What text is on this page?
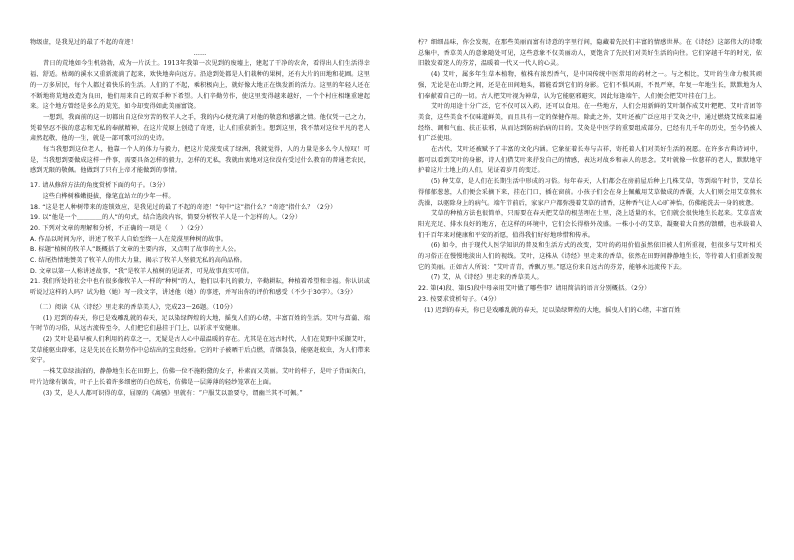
物级虚，是我见过的最了不起的奇迹！

……

昔日的荒地如今生机勃勃，成为一片沃土。1913年我第一次见到的废墟上，建起了干净的农舍，看得出人们生活得幸福、舒适。枯竭的溪水又重新流淌了起来，欢快地奔向远方。沿途到处都是人们栽种的果树，还有大片的田地和花圃。这里的一万多居民，每个人都过着快乐的生活。人们的了不起，乘积极向上，就好像大地正在焕发新的活力。这里的年轻人还在不断地将荒地改造为良田，他们用来自己的双手种下希望。人们辛勤劳作，使这里变得越来越好，一个个村庄相继重建起来。这个地方曾经是多么的荒芜，如今却变得如此美丽富饶。

一想到，我面前的这一切都出自这位穷苦的牧羊人之手，我的内心便充满了对他的敬意和感激之情。他仅凭一己之力，凭着坚忍不拔的意志和无私的奉献精神，在这片荒原上创造了奇迹，让人们重获新生。想到这里，我不禁对这位平凡的老人肃然起敬，他的一生，就是一部可歌可泣的史诗。

每当我想到这位老人，他靠一个人的体力与毅力，把这片荒漠变成了绿洲，我就觉得，人的力量是多么令人惊叹！可是，当我想到要做成这样一件事，需要具备怎样的毅力，怎样的无私，我就由衷地对这位没有受过什么教育的普通老农民，感到无限的敬佩。他做到了只有上帝才能做到的事情。

17. 请从修辞方法的角度赏析下面的句子。（3分）

　　这些白桦树稚嫩挺拔，像笔直站立的少年一样。

18. “这是老人种树带来的连锁效应，是我见过的最了不起的奇迹！”句中“这”指什么？“奇迹”指什么？（2分）

19. 以“他是一个＿＿＿＿的人”的句式，结合选段内容，简要分析牧羊人是一个怎样的人。（2分）

20. 下列对文章的理解和分析，不正确的一项是（　　）（2分）

A. 作品以时间为序，讲述了牧羊人自始至终一人在荒漠里种树的故事。

B. 标题“植树的牧羊人”既概括了文章的主要内容，又点明了故事的主人公。

C. 结尾热情地赞美了牧羊人的伟大力量，揭示了牧羊人坚毅无私的高尚品格。

D. 文章以第一人称讲述故事，“我”是牧羊人植树的见证者，可见故事真实可信。

21. 我们所处的社会中也有很多像牧羊人一样的“种树”的人，他们以非凡的毅力，辛勤耕耘，种植着希望和幸福。你认识或听说过这样的人吗？试为他（她）写一段文字，讲述他（她）的事迹，并写出你的评价和感受（不少于30字）。（3分）

（二）阅读《从〈诗经〉里走来的香草美人》，完成23～26题。（10分）

(1) 迟到的春天，你已是戏雕乱就的春天，足以染绿辉煌的大地，摇曳人们的心绪，丰富百姓的生活。艾叶与菖蒲、端午时节的习俗，从远古流传至今，人们把它们悬挂于门上，以祈求平安健康。

(2) 艾叶是最早被人们利用的药草之一，无疑是古人心中最温暖的存在。尤其是在远古时代，人们在荒野中采撷艾叶，艾草能驱虫辟邪，这是先民在长期劳作中总结出的宝贵经验。它的叶子被晒干后点燃，青烟袅袅，能驱赶蚊虫，为人们带来安宁。

一株艾草绿油油的，静静地生长在田野上，仿佛一位不施粉黛的女子，朴素而又美丽。艾叶的样子，是叶子背面灰白，叶片边缘有锯齿，叶子上长着许多细密的白色绒毛，仿佛是一层薄薄的轻纱笼罩在上面。

(3) 艾，是人人都可识得的草，屈原的《离骚》里就有：“户服艾以盈要兮，谓幽兰其不可佩。”

柠？细细品味，你会发现，在那些美丽而富有诗意的字里行间，隐藏着先民们丰富的情感世界。在《诗经》这部伟大的诗歌总集中，香草美人的意象随处可见，这些意象不仅美丽动人，更饱含了先民们对美好生活的向往。它们穿越千年的时光，依旧散发着迷人的芬芳，温暖着一代又一代人的心灵。

(4) 艾叶，属多年生草本植物，植株有浓烈香气，是中国传统中医常用的药材之一。与之相比，艾叶的生命力极其顽强，无论是在山野之间，还是在田间地头，都能看到它们的身影。它们不惧风雨，不畏严寒，年复一年地生长，默默地为人们奉献着自己的一切。古人把艾叶视为神草，认为它能驱邪避灾，因此每逢端午，人们便会把艾叶挂在门上。

艾叶的用途十分广泛，它不仅可以入药，还可以食用。在一些地方，人们会用新鲜的艾叶制作成艾叶粑粑、艾叶青团等美食，这些美食不仅味道鲜美，而且具有一定的保健作用。除此之外，艾叶还被广泛应用于艾灸之中，通过燃烧艾绒来温通经络、调和气血、扶正祛邪，从而达到防病治病的目的。艾灸是中医学的重要组成部分，已经有几千年的历史，至今仍被人们广泛使用。

在古代，艾叶还被赋予了丰富的文化内涵。它象征着长寿与吉祥，寄托着人们对美好生活的祝愿。在许多古典诗词中，都可以看到艾叶的身影，诗人们借艾叶来抒发自己的情感，表达对故乡和亲人的思念。艾叶就像一位慈祥的老人，默默地守护着这片土地上的人们，见证着岁月的变迁。

(5) 种艾草，是人们在长期生活中形成的习俗。每年春天，人们都会在房前屋后种上几株艾草，等到端午时节，艾草长得郁郁葱葱，人们便会采摘下来，挂在门口，插在窗前。小孩子们会在身上佩戴用艾草做成的香囊，大人们则会用艾草熬水洗澡，以驱除身上的病气。端午节前后，家家户户都弥漫着艾草的清香，这种香气让人心旷神怡，仿佛能洗去一身的疲惫。

艾草的种植方法也很简单，只需要在春天把艾草的根茎埋在土里，浇上适量的水，它们就会很快地生长起来。艾草喜欢阳光充足、排水良好的地方，在这样的环境中，它们会长得格外茂盛。一株小小的艾草，凝聚着大自然的馈赠，也承载着人们千百年来对健康和平安的祈愿，值得我们好好地珍惜和传承。

(6) 如今，由于现代人医学知识的普及和生活方式的改变，艾叶的药用价值虽然依旧被人们所重视，但很多与艾叶相关的习俗正在慢慢地淡出人们的视线。艾叶，这株从《诗经》里走来的香草，依然在田野间静静地生长，等待着人们重新发现它的美丽。正如古人所说：“艾叶青青，香飘万里。”愿这份来自远古的芬芳，能够永远流传下去。

(7) 艾，从《诗经》里走来的香草美人。

22. 第(4)段、第(5)段中母亲用艾叶做了哪些事？请用简洁的语言分别概括。（2分）

23. 按要求赏析句子。（4分）

　(1) 迟到的春天，你已是戏雕乱就的春天，足以染绿辉煌的大地，摇曳人们的心绪，丰富百姓
